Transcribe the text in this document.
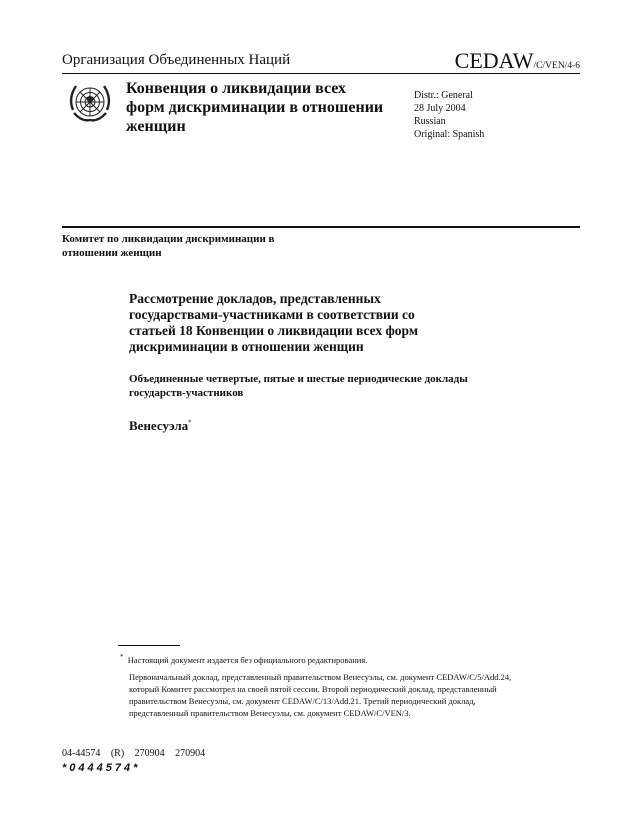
Организация Объединенных Наций	CEDAW/C/VEN/4-6
Конвенция о ликвидации всех форм дискриминации в отношении женщин
Distr.: General
28 July 2004
Russian
Original: Spanish
Комитет по ликвидации дискриминации в отношении женщин
Рассмотрение докладов, представленных государствами-участниками в соответствии со статьей 18 Конвенции о ликвидации всех форм дискриминации в отношении женщин
Объединенные четвертые, пятые и шестые периодические доклады государств-участников
Венесуэла*
* Настоящий документ издается без официального редактирования.
Первоначальный доклад, представленный правительством Венесуэлы, см. документ CEDAW/C/5/Add.24, который Комитет рассмотрел на своей пятой сессии. Второй периодический доклад, представленный правительством Венесуэлы, см. документ CEDAW/C/13/Add.21. Третий периодический доклад, представленный правительством Венесуэлы, см. документ CEDAW/C/VEN/3.
04-44574 (R) 270904 270904
*0444574*
